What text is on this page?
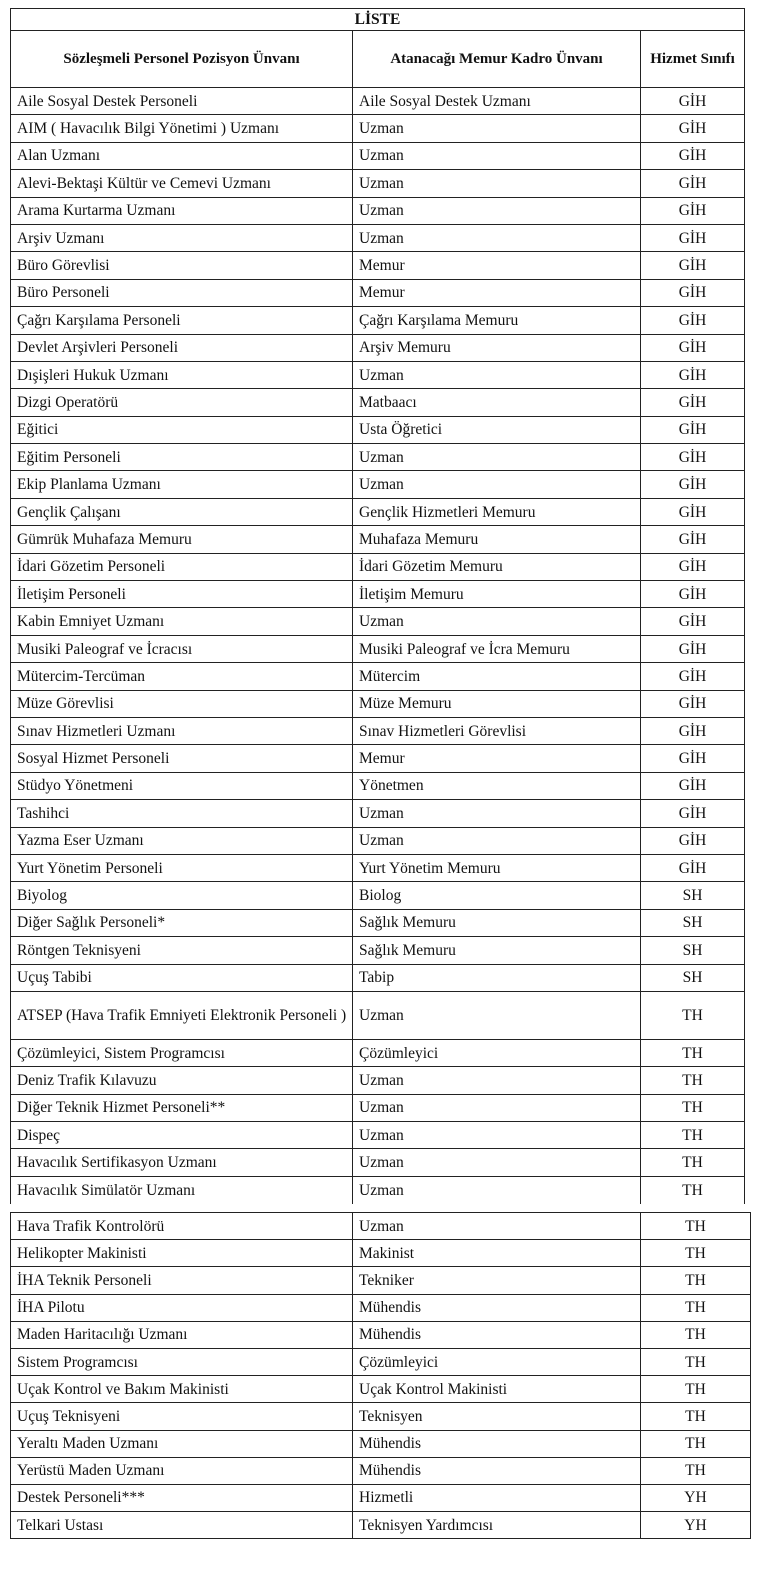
LİSTE		
Sözleşmeli Personel Pozisyon Ünvanı	Atanacağı Memur Kadro Ünvanı	Hizmet Sınıfı
Aile Sosyal Destek Personeli	Aile Sosyal Destek Uzmanı	GİH
AIM ( Havacılık Bilgi Yönetimi ) Uzmanı	Uzman	GİH
Alan Uzmanı	Uzman	GİH
Alevi-Bektaşi Kültür ve Cemevi Uzmanı	Uzman	GİH
Arama Kurtarma Uzmanı	Uzman	GİH
Arşiv Uzmanı	Uzman	GİH
Büro Görevlisi	Memur	GİH
Büro Personeli	Memur	GİH
Çağrı Karşılama Personeli	Çağrı Karşılama Memuru	GİH
Devlet Arşivleri Personeli	Arşiv Memuru	GİH
Dışişleri Hukuk Uzmanı	Uzman	GİH
Dizgi Operatörü	Matbaacı	GİH
Eğitici	Usta Öğretici	GİH
Eğitim Personeli	Uzman	GİH
Ekip Planlama Uzmanı	Uzman	GİH
Gençlik Çalışanı	Gençlik Hizmetleri Memuru	GİH
Gümrük Muhafaza Memuru	Muhafaza Memuru	GİH
İdari Gözetim Personeli	İdari Gözetim Memuru	GİH
İletişim Personeli	İletişim Memuru	GİH
Kabin Emniyet Uzmanı	Uzman	GİH
Musiki Paleograf ve İcracısı	Musiki Paleograf ve İcra Memuru	GİH
Mütercim-Tercüman	Mütercim	GİH
Müze Görevlisi	Müze Memuru	GİH
Sınav Hizmetleri Uzmanı	Sınav Hizmetleri Görevlisi	GİH
Sosyal Hizmet Personeli	Memur	GİH
Stüdyo Yönetmeni	Yönetmen	GİH
Tashihci	Uzman	GİH
Yazma Eser Uzmanı	Uzman	GİH
Yurt Yönetim Personeli	Yurt Yönetim Memuru	GİH
Biyolog	Biolog	SH
Diğer Sağlık Personeli*	Sağlık Memuru	SH
Röntgen Teknisyeni	Sağlık Memuru	SH
Uçuş Tabibi	Tabip	SH
ATSEP (Hava Trafik Emniyeti Elektronik Personeli )	Uzman	TH
Çözümleyici, Sistem Programcısı	Çözümleyici	TH
Deniz Trafik Kılavuzu	Uzman	TH
Diğer Teknik Hizmet Personeli**	Uzman	TH
Dispeç	Uzman	TH
Havacılık Sertifikasyon Uzmanı	Uzman	TH
Havacılık Simülatör Uzmanı	Uzman	TH
Hava Trafik Kontrolörü	Uzman	TH
Helikopter Makinisti	Makinist	TH
İHA Teknik Personeli	Tekniker	TH
İHA Pilotu	Mühendis	TH
Maden Haritacılığı Uzmanı	Mühendis	TH
Sistem Programcısı	Çözümleyici	TH
Uçak Kontrol ve Bakım Makinisti	Uçak Kontrol Makinisti	TH
Uçuş Teknisyeni	Teknisyen	TH
Yeraltı Maden Uzmanı	Mühendis	TH
Yerüstü Maden Uzmanı	Mühendis	TH
Destek Personeli***	Hizmetli	YH
Telkari Ustası	Teknisyen Yardımcısı	YH
